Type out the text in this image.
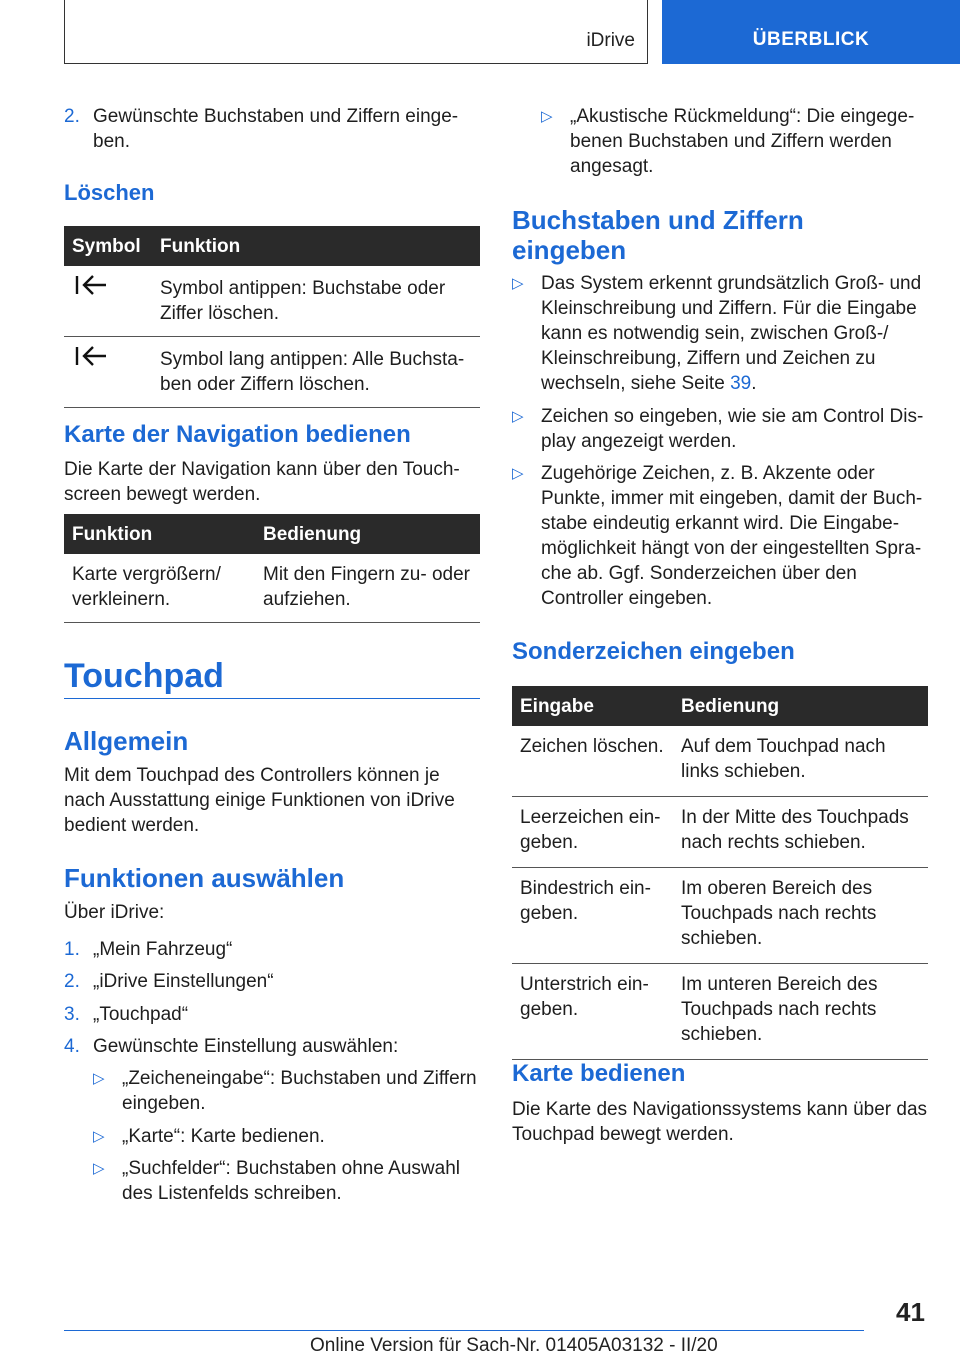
iDrive	ÜBERBLICK
2. Gewünschte Buchstaben und Ziffern eingeben.
Löschen
Symbol	Funktion
	Symbol antippen: Buchstabe oder Ziffer löschen.
	Symbol lang antippen: Alle Buchstaben oder Ziffern löschen.
Karte der Navigation bedienen
Die Karte der Navigation kann über den Touchscreen bewegt werden.
Funktion	Bedienung
Karte vergrößern/ verkleinern.	Mit den Fingern zu- oder aufziehen.
Touchpad
Allgemein
Mit dem Touchpad des Controllers können je nach Ausstattung einige Funktionen von iDrive bedient werden.
Funktionen auswählen
Über iDrive:
1. „Mein Fahrzeug“
2. „iDrive Einstellungen“
3. „Touchpad“
4. Gewünschte Einstellung auswählen:
▷ „Zeicheneingabe“: Buchstaben und Ziffern eingeben.
▷ „Karte“: Karte bedienen.
▷ „Suchfelder“: Buchstaben ohne Auswahl des Listenfelds schreiben.
▷ „Akustische Rückmeldung“: Die eingegebenen Buchstaben und Ziffern werden angesagt.
Buchstaben und Ziffern
eingeben
▷ Das System erkennt grundsätzlich Groß- und Kleinschreibung und Ziffern. Für die Eingabe kann es notwendig sein, zwischen Groß-/ Kleinschreibung, Ziffern und Zeichen zu wechseln, siehe Seite 39.
▷ Zeichen so eingeben, wie sie am Control Display angezeigt werden.
▷ Zugehörige Zeichen, z. B. Akzente oder Punkte, immer mit eingeben, damit der Buchstabe eindeutig erkannt wird. Die Eingabemöglichkeit hängt von der eingestellten Sprache ab. Ggf. Sonderzeichen über den Controller eingeben.
Sonderzeichen eingeben
Eingabe	Bedienung
Zeichen löschen.	Auf dem Touchpad nach links schieben.
Leerzeichen eingeben.	In der Mitte des Touchpads nach rechts schieben.
Bindestrich eingeben.	Im oberen Bereich des Touchpads nach rechts schieben.
Unterstrich eingeben.	Im unteren Bereich des Touchpads nach rechts schieben.
Karte bedienen
Die Karte des Navigationssystems kann über das Touchpad bewegt werden.
41
Online Version für Sach-Nr. 01405A03132 - II/20
